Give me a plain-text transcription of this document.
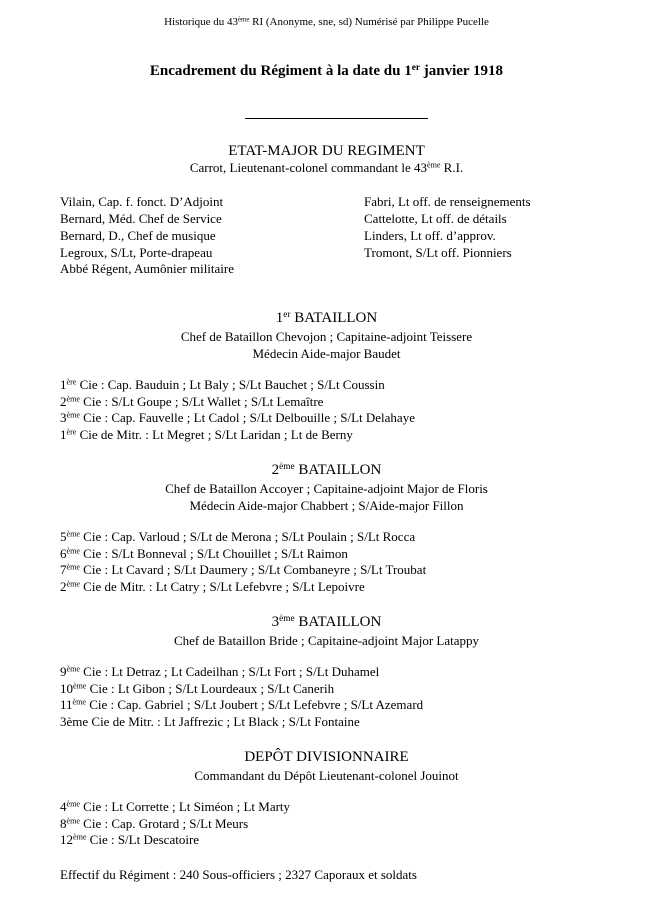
Historique du 43ème RI (Anonyme, sne, sd) Numérisé par Philippe Pucelle
Encadrement du Régiment à la date du 1er janvier 1918
ETAT-MAJOR DU REGIMENT
Carrot, Lieutenant-colonel commandant le 43ème R.I.
Vilain, Cap. f. fonct. D’Adjoint
Bernard, Méd. Chef de Service
Bernard, D., Chef de musique
Legroux, S/Lt, Porte-drapeau
Abbé Régent, Aumônier militaire
Fabri, Lt off. de renseignements
Cattelotte, Lt off. de détails
Linders, Lt off. d’approv.
Tromont, S/Lt off. Pionniers
1er BATAILLON
Chef de Bataillon Chevojon ; Capitaine-adjoint Teissere
Médecin Aide-major Baudet
1ère Cie : Cap. Bauduin ; Lt Baly ; S/Lt Bauchet ; S/Lt Coussin
2ème Cie : S/Lt Goupe ; S/Lt Wallet ; S/Lt Lemaître
3ème Cie : Cap. Fauvelle ; Lt Cadol ; S/Lt Delbouille ; S/Lt Delahaye
1ère Cie de Mitr. : Lt Megret ; S/Lt Laridan ; Lt de Berny
2ème BATAILLON
Chef de Bataillon Accoyer ; Capitaine-adjoint Major de Floris
Médecin Aide-major Chabbert ; S/Aide-major Fillon
5ème Cie : Cap. Varloud ; S/Lt de Merona ; S/Lt Poulain ; S/Lt Rocca
6ème Cie : S/Lt Bonneval ; S/Lt Chouillet ; S/Lt Raimon
7ème Cie : Lt Cavard ; S/Lt Daumery ; S/Lt Combaneyre ; S/Lt Troubat
2ème Cie de Mitr. : Lt Catry ; S/Lt Lefebvre ; S/Lt Lepoivre
3ème BATAILLON
Chef de Bataillon Bride ; Capitaine-adjoint Major Latappy
9ème Cie : Lt Detraz ; Lt Cadeilhan ; S/Lt Fort ; S/Lt Duhamel
10ème Cie : Lt Gibon ; S/Lt Lourdeaux ; S/Lt Canerih
11ème Cie : Cap. Gabriel ; S/Lt Joubert ; S/Lt Lefebvre ; S/Lt Azemard
3ème Cie de Mitr. : Lt Jaffrezic ; Lt Black ; S/Lt Fontaine
DEPÔT DIVISIONNAIRE
Commandant du Dépôt Lieutenant-colonel Jouinot
4ème Cie : Lt Corrette ; Lt Siméon ; Lt Marty
8ème Cie : Cap. Grotard ; S/Lt Meurs
12ème Cie : S/Lt Descatoire
Effectif du Régiment : 240 Sous-officiers ; 2327 Caporaux et soldats
